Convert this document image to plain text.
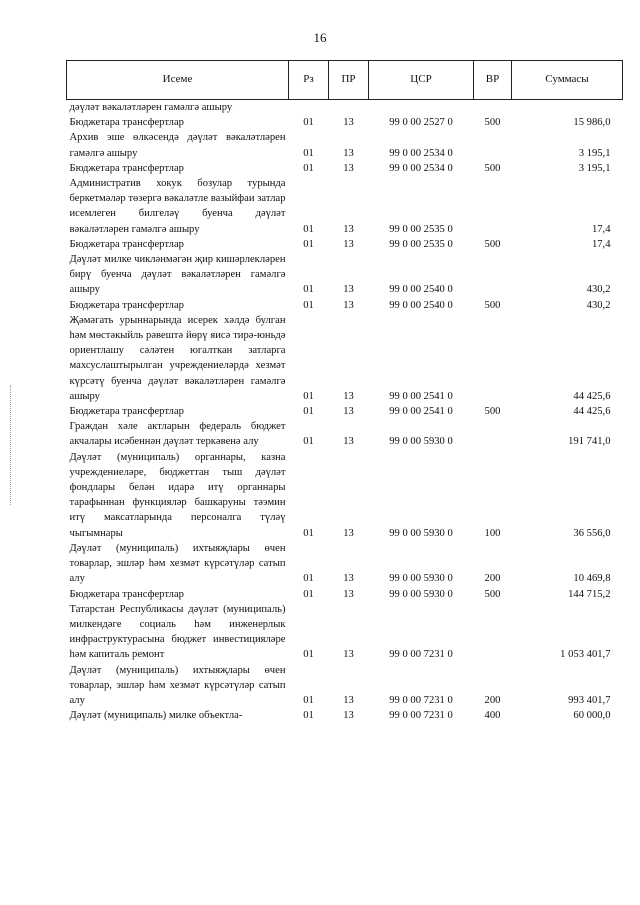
16
Исеме	Рз	ПР	ЦСР	ВР	Суммасы
дәүләт вәкаләтләрен гамәлгә ашыру					
Бюджетара трансфертлар	01	13	99 0 00 2527 0	500	15 986,0
Архив эше өлкәсендә дәүләт вәкаләтләрен гамәлгә ашыру	01	13	99 0 00 2534 0		3 195,1
Бюджетара трансфертлар	01	13	99 0 00 2534 0	500	3 195,1
Административ хокук бозулар турында беркетмәләр төзергә вәкаләтле вазыйфаи затлар исемлеген билгеләү буенча дәүләт вәкаләтләрен гамәлгә ашыру	01	13	99 0 00 2535 0		17,4
Бюджетара трансфертлар	01	13	99 0 00 2535 0	500	17,4
Дәүләт милке чикләнмәгән җир кишәрлекләрен бирү буенча дәүләт вәкаләтләрен гамәлгә ашыру	01	13	99 0 00 2540 0		430,2
Бюджетара трансфертлар	01	13	99 0 00 2540 0	500	430,2
Җәмәгать урыннарында исерек хәлдә булган һәм мөстәкыйль рәвештә йөрү яисә тирә-юньдә ориентлашу сәләтен югалткан затларга махсуслаштырылган учреждениеләрдә хезмәт күрсәтү буенча дәүләт вәкаләтләрен гамәлгә ашыру	01	13	99 0 00 2541 0		44 425,6
Бюджетара трансфертлар	01	13	99 0 00 2541 0	500	44 425,6
Граждан хәле актларын федераль бюджет акчалары исәбеннән дәүләт теркәвенә алу	01	13	99 0 00 5930 0		191 741,0
Дәүләт (муниципаль) органнары, казна учреждениеләре, бюджеттан тыш дәүләт фондлары белән идарә итү органнары тарафыннан функцияләр башкаруны тәэмин итү максатларында персоналга түләү чыгымнары	01	13	99 0 00 5930 0	100	36 556,0
Дәүләт (муниципаль) ихтыяҗлары өчен товарлар, эшләр һәм хезмәт күрсәтүләр сатып алу	01	13	99 0 00 5930 0	200	10 469,8
Бюджетара трансфертлар	01	13	99 0 00 5930 0	500	144 715,2
Татарстан Республикасы дәүләт (муниципаль) милкендәге социаль һәм инженерлык инфраструктурасына бюджет инвестицияләре һәм капиталь ремонт	01	13	99 0 00 7231 0		1 053 401,7
Дәүләт (муниципаль) ихтыяҗлары өчен товарлар, эшләр һәм хезмәт күрсәтүләр сатып алу	01	13	99 0 00 7231 0	200	993 401,7
Дәүләт (муниципаль) милке объектла-	01	13	99 0 00 7231 0	400	60 000,0
